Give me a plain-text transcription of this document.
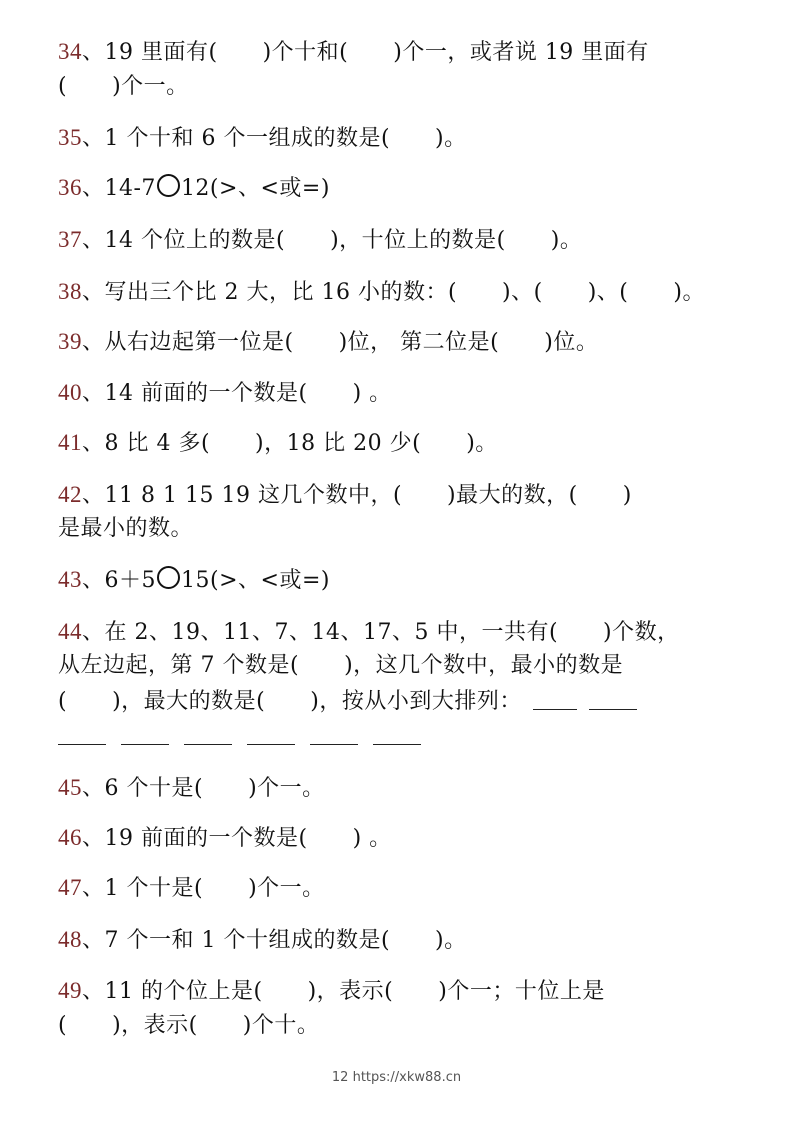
34、19 里面有(　　)个十和(　　)个一，或者说 19 里面有
(　　)个一。
35、1 个十和 6 个一组成的数是(　　)。
36、14-7 12(>、<或=)
37、14 个位上的数是(　　)，十位上的数是(　　)。
38、写出三个比 2 大，比 16 小的数：(　　)、(　　)、(　　)。
39、从右边起第一位是(　　)位， 第二位是(　　)位。
40、14 前面的一个数是(　　) 。
41、8 比 4 多(　　)，18 比 20 少(　　)。
42、11 8 1 15 19 这几个数中，(　　)最大的数，(　　)
是最小的数。
43、6＋5 15(>、<或=)
44、在 2、19、11、7、14、17、5 中，一共有(　　)个数，
从左边起，第 7 个数是(　　)，这几个数中，最小的数是
(　　)，最大的数是(　　)，按从小到大排列：
45、6 个十是(　　)个一。
46、19 前面的一个数是(　　) 。
47、1 个十是(　　)个一。
48、7 个一和 1 个十组成的数是(　　)。
49、11 的个位上是(　　)，表示(　　)个一；十位上是
(　　)，表示(　　)个十。
12 https://xkw88.cn
